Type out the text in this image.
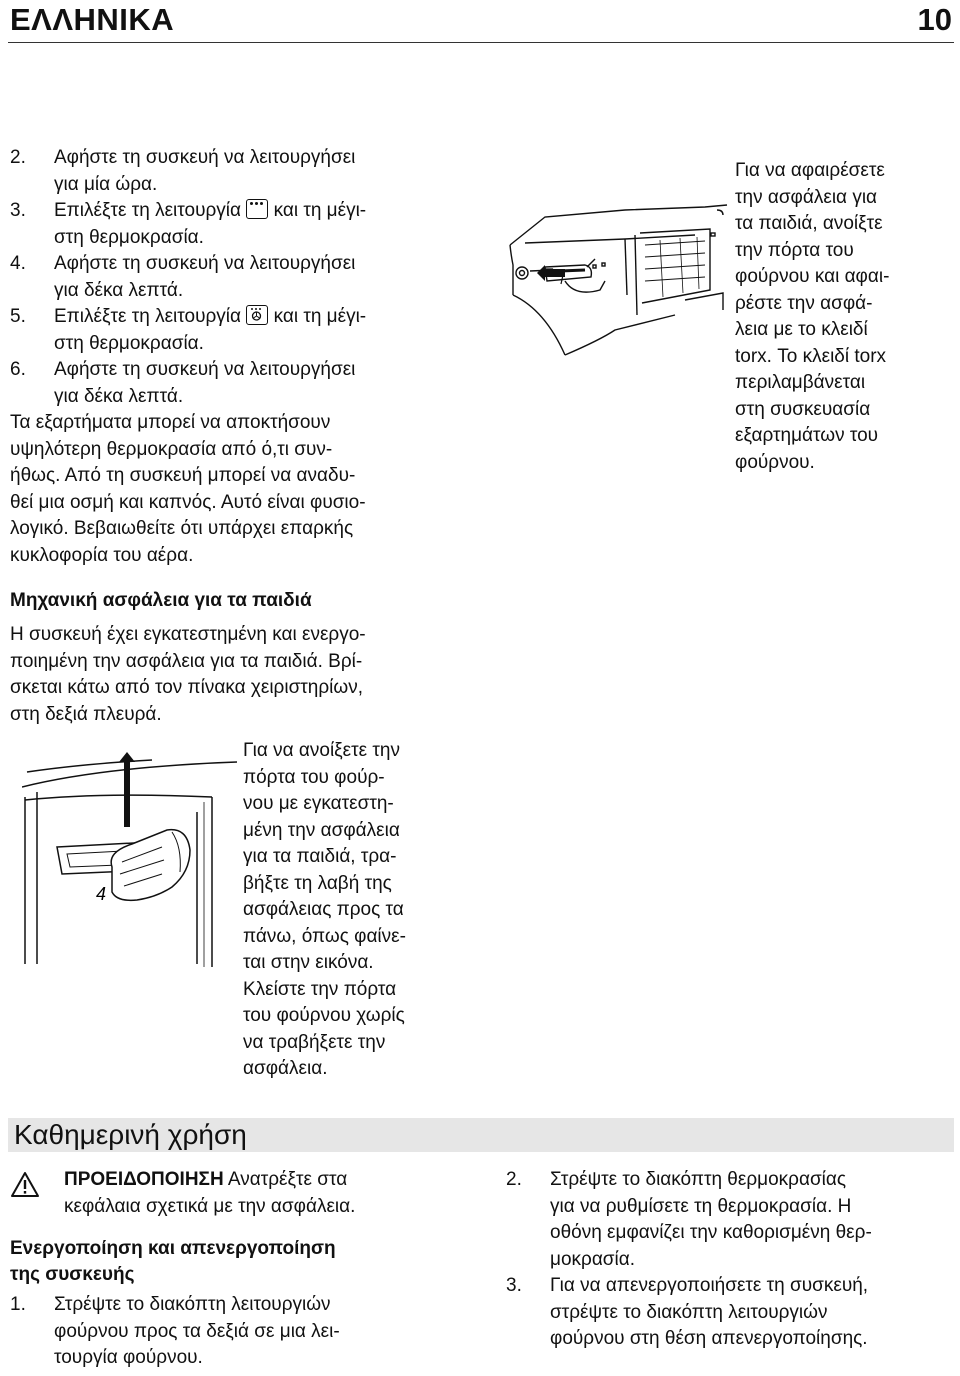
ΕΛΛΗΝΙΚΑ	10
2.	Αφήστε τη συσκευή να λειτουργήσει
για μία ώρα.
3.	Επιλέξτε τη λειτουργία και τη μέγι-
στη θερμοκρασία.
4.	Αφήστε τη συσκευή να λειτουργήσει
για δέκα λεπτά.
5.	Επιλέξτε τη λειτουργία και τη μέγι-
στη θερμοκρασία.
6.	Αφήστε τη συσκευή να λειτουργήσει
για δέκα λεπτά.
Τα εξαρτήματα μπορεί να αποκτήσουν
υψηλότερη θερμοκρασία από ό,τι συν-
ήθως. Από τη συσκευή μπορεί να αναδυ-
θεί μια οσμή και καπνός. Αυτό είναι φυσιο-
λογικό. Βεβαιωθείτε ότι υπάρχει επαρκής
κυκλοφορία του αέρα.
Μηχανική ασφάλεια για τα παιδιά
Η συσκευή έχει εγκατεστημένη και ενεργο-
ποιημένη την ασφάλεια για τα παιδιά. Βρί-
σκεται κάτω από τον πίνακα χειριστηρίων,
στη δεξιά πλευρά.
Για να ανοίξετε την
πόρτα του φούρ-
νου με εγκατεστη-
μένη την ασφάλεια
για τα παιδιά, τρα-
βήξτε τη λαβή της
ασφάλειας προς τα
πάνω, όπως φαίνε-
ται στην εικόνα.
Κλείστε την πόρτα
του φούρνου χωρίς
να τραβήξετε την
ασφάλεια.
Για να αφαιρέσετε
την ασφάλεια για
τα παιδιά, ανοίξτε
την πόρτα του
φούρνου και αφαι-
ρέστε την ασφά-
λεια με το κλειδί
torx. Το κλειδί torx
περιλαμβάνεται
στη συσκευασία
εξαρτημάτων του
φούρνου.
4
Καθημερινή χρήση
ΠΡΟΕΙΔΟΠΟΙΗΣΗ Ανατρέξτε στα
κεφάλαια σχετικά με την ασφάλεια.
Ενεργοποίηση και απενεργοποίηση
της συσκευής
1.	Στρέψτε το διακόπτη λειτουργιών
φούρνου προς τα δεξιά σε μια λει-
τουργία φούρνου.
2.	Στρέψτε το διακόπτη θερμοκρασίας
για να ρυθμίσετε τη θερμοκρασία. Η
οθόνη εμφανίζει την καθορισμένη θερ-
μοκρασία.
3.	Για να απενεργοποιήσετε τη συσκευή,
στρέψτε το διακόπτη λειτουργιών
φούρνου στη θέση απενεργοποίησης.
